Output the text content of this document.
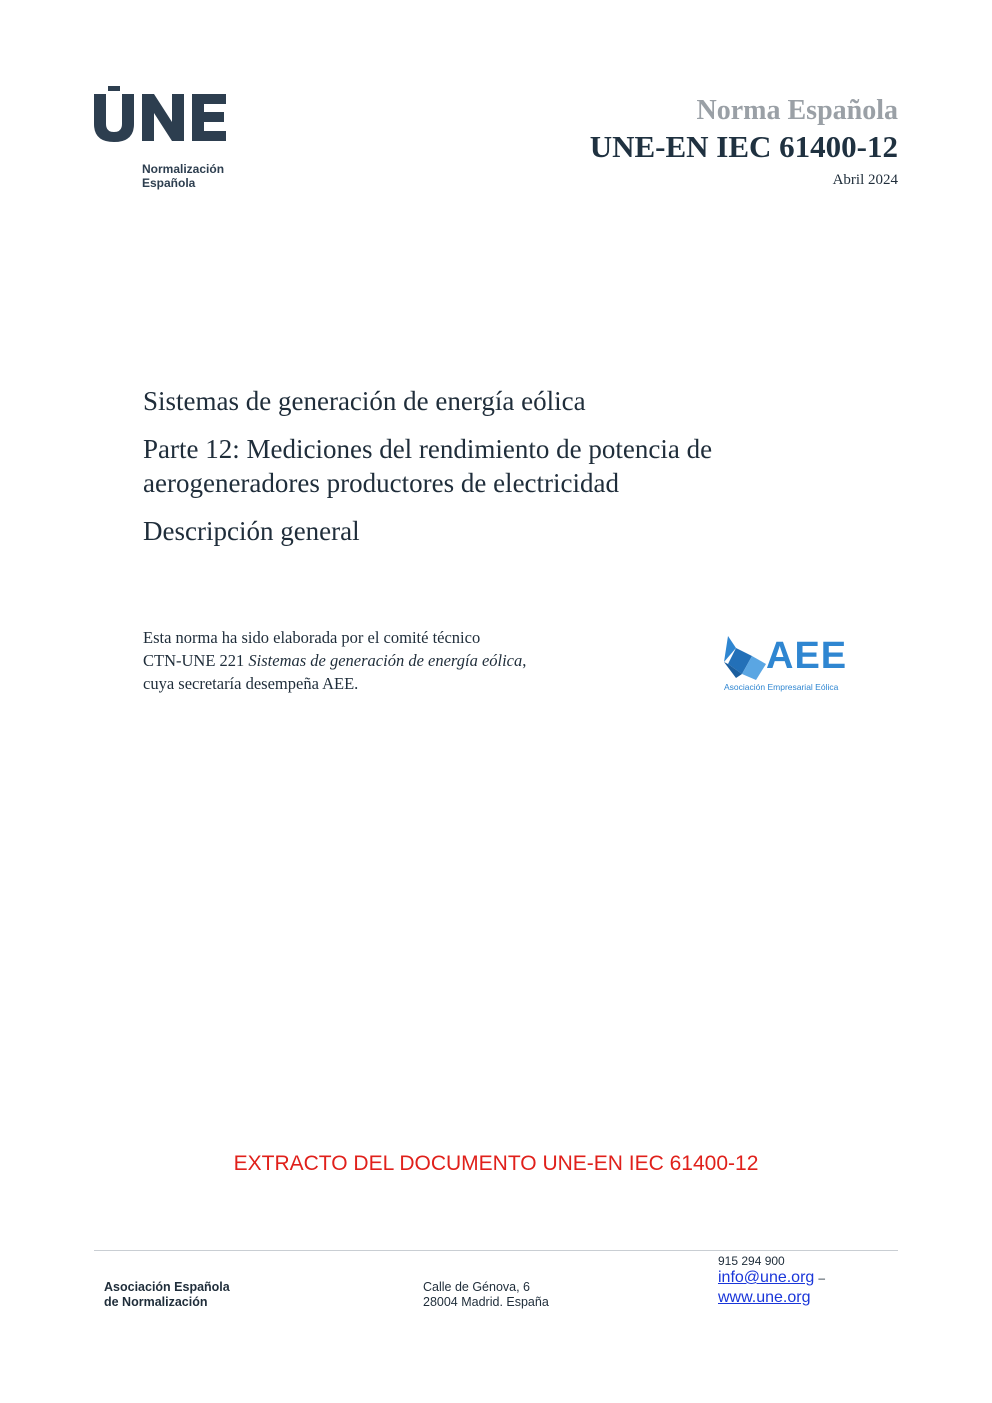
Normalización
Española
Norma Española
UNE-EN IEC 61400-12
Abril 2024
Sistemas de generación de energía eólica
Parte 12: Mediciones del rendimiento de potencia de
aerogeneradores productores de electricidad
Descripción general
Esta norma ha sido elaborada por el comité técnico
CTN-UNE 221 Sistemas de generación de energía eólica,
cuya secretaría desempeña AEE.
AEE
Asociación Empresarial Eólica
EXTRACTO DEL DOCUMENTO UNE-EN IEC 61400-12
Asociación Española
de Normalización
Calle de Génova, 6
28004 Madrid. España
915 294 900
info@une.org –
www.une.org
